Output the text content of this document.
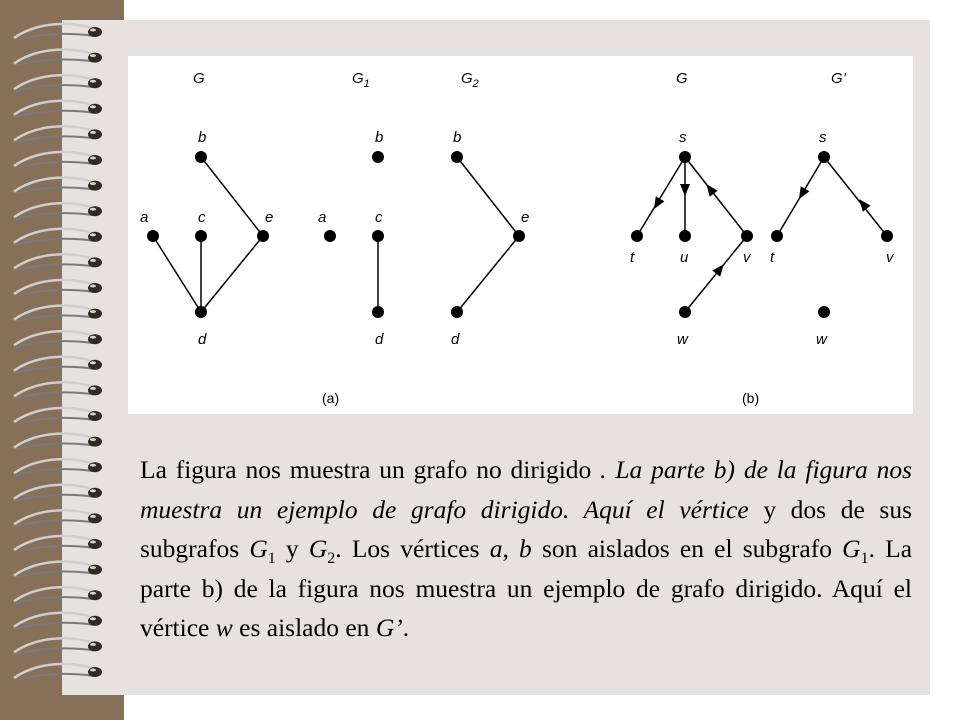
G
b
a	c	e
d
$G_1$
b
a	c
d
$G_2$
b
e
d
(a)
G
s
t	u	v
w
G’
s
t	v
w
(b)

La figura nos muestra un grafo no dirigido . La parte b) de la figura nos muestra un ejemplo de grafo dirigido. Aquí el vértice y dos de sus subgrafos $G_1$ y $G_2$. Los vértices a, b son aislados en el subgrafo $G_1$. La parte b) de la figura nos muestra un ejemplo de grafo dirigido. Aquí el vértice w es aislado en G’.
